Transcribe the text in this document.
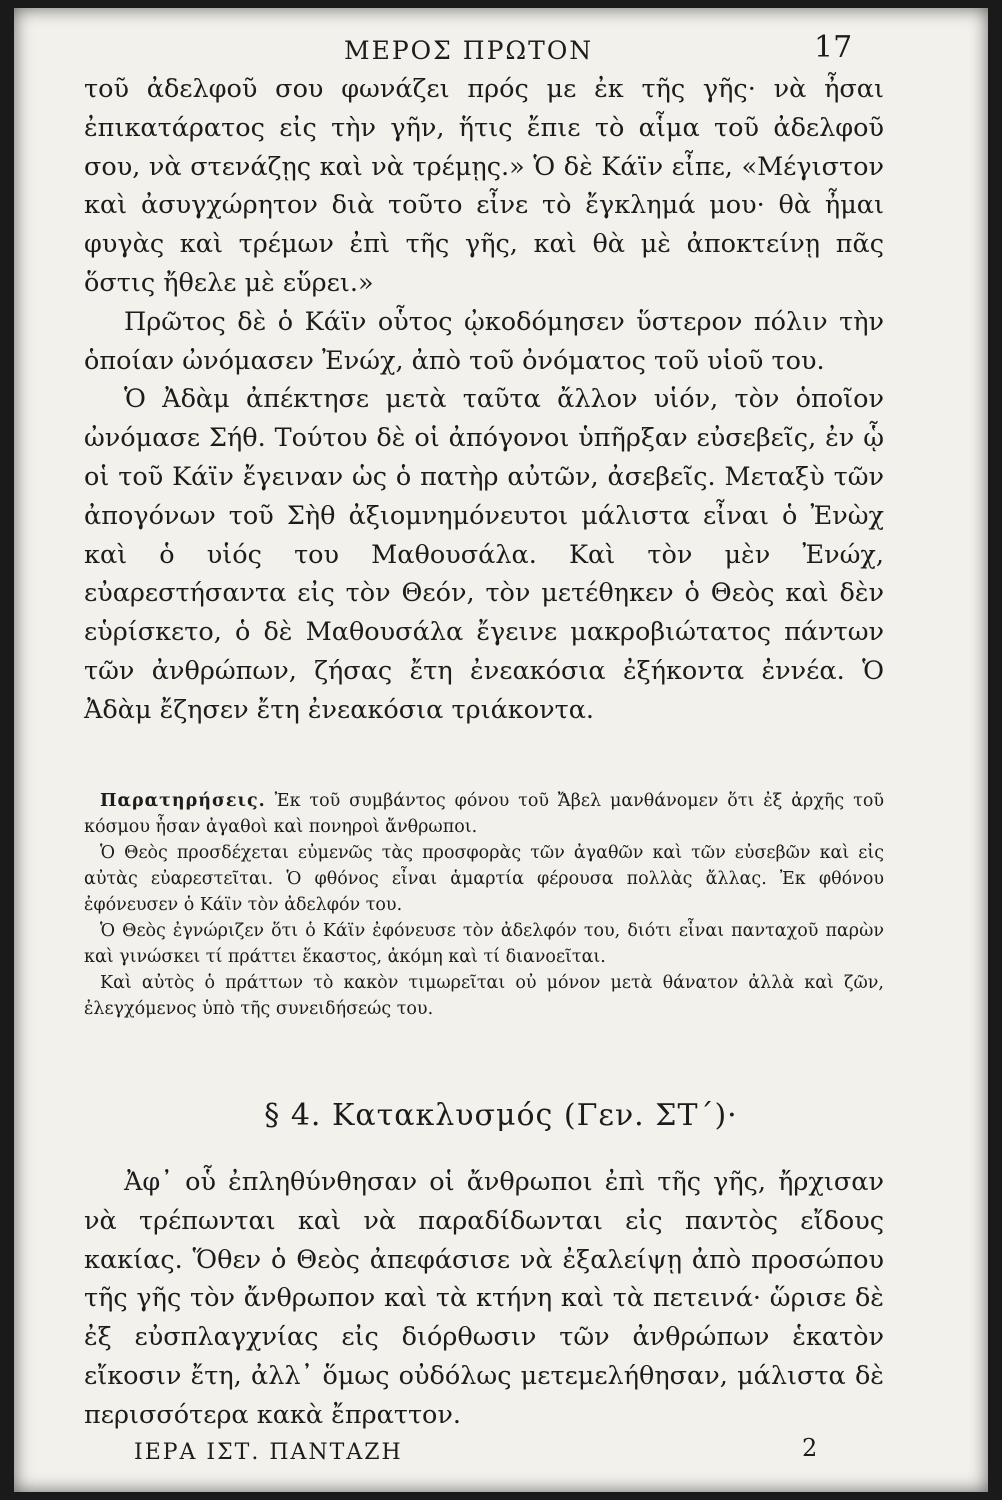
ΜΕΡΟΣ ΠΡΩΤΟΝ	17

τοῦ ἀδελφοῦ σου φωνάζει πρός με ἐκ τῆς γῆς· νὰ ἦσαι ἐπικατάρατος εἰς τὴν γῆν, ἥτις ἔπιε τὸ αἷμα τοῦ ἀδελφοῦ σου, νὰ στενάζῃς καὶ νὰ τρέμῃς.» Ὁ δὲ Κάϊν εἶπε, «Μέγιστον καὶ ἀσυγχώρητον διὰ τοῦτο εἶνε τὸ ἔγκλημά μου· θὰ ἦμαι φυγὰς καὶ τρέμων ἐπὶ τῆς γῆς, καὶ θὰ μὲ ἀποκτείνῃ πᾶς ὅστις ἤθελε μὲ εὕρει.»

Πρῶτος δὲ ὁ Κάϊν οὗτος ᾠκοδόμησεν ὕστερον πόλιν τὴν ὁποίαν ὠνόμασεν Ἐνώχ, ἀπὸ τοῦ ὀνόματος τοῦ υἱοῦ του.

Ὁ Ἀδὰμ ἀπέκτησε μετὰ ταῦτα ἄλλον υἱόν, τὸν ὁποῖον ὠνόμασε Σήθ. Τούτου δὲ οἱ ἀπόγονοι ὑπῆρξαν εὐσεβεῖς, ἐν ᾧ οἱ τοῦ Κάϊν ἔγειναν ὡς ὁ πατὴρ αὐτῶν, ἀσεβεῖς. Μεταξὺ τῶν ἀπογόνων τοῦ Σὴθ ἀξιομνημόνευτοι μάλιστα εἶναι ὁ Ἐνὼχ καὶ ὁ υἱός του Μαθουσάλα. Καὶ τὸν μὲν Ἐνώχ, εὐαρεστήσαντα εἰς τὸν Θεόν, τὸν μετέθηκεν ὁ Θεὸς καὶ δὲν εὑρίσκετο, ὁ δὲ Μαθουσάλα ἔγεινε μακροβιώτατος πάντων τῶν ἀνθρώπων, ζήσας ἔτη ἐνεακόσια ἐξήκοντα ἐννέα. Ὁ Ἀδὰμ ἔζησεν ἔτη ἐνεακόσια τριάκοντα.

Παρατηρήσεις. Ἐκ τοῦ συμβάντος φόνου τοῦ Ἄβελ μανθάνομεν ὅτι ἐξ ἀρχῆς τοῦ κόσμου ἦσαν ἀγαθοὶ καὶ πονηροὶ ἄνθρωποι.

Ὁ Θεὸς προσδέχεται εὐμενῶς τὰς προσφορὰς τῶν ἀγαθῶν καὶ τῶν εὐσεβῶν καὶ εἰς αὐτὰς εὐαρεστεῖται. Ὁ φθόνος εἶναι ἁμαρτία φέρουσα πολλὰς ἄλλας. Ἐκ φθόνου ἐφόνευσεν ὁ Κάϊν τὸν ἀδελφόν του.

Ὁ Θεὸς ἐγνώριζεν ὅτι ὁ Κάϊν ἐφόνευσε τὸν ἀδελφόν του, διότι εἶναι πανταχοῦ παρὼν καὶ γινώσκει τί πράττει ἕκαστος, ἀκόμη καὶ τί διανοεῖται.

Καὶ αὐτὸς ὁ πράττων τὸ κακὸν τιμωρεῖται οὐ μόνον μετὰ θάνατον ἀλλὰ καὶ ζῶν, ἐλεγχόμενος ὑπὸ τῆς συνειδήσεώς του.

§ 4. Κατακλυσμός (Γεν. ΣΤ΄)·

Ἀφ᾽ οὗ ἐπληθύνθησαν οἱ ἄνθρωποι ἐπὶ τῆς γῆς, ἤρχισαν νὰ τρέπωνται καὶ νὰ παραδίδωνται εἰς παντὸς εἴδους κακίας. Ὅθεν ὁ Θεὸς ἀπεφάσισε νὰ ἐξαλείψῃ ἀπὸ προσώπου τῆς γῆς τὸν ἄνθρωπον καὶ τὰ κτήνη καὶ τὰ πετεινά· ὥρισε δὲ ἐξ εὐσπλαγχνίας εἰς διόρθωσιν τῶν ἀνθρώπων ἑκατὸν εἴκοσιν ἔτη, ἀλλ᾽ ὅμως οὐδόλως μετεμελήθησαν, μάλιστα δὲ περισσότερα κακὰ ἔπραττον.

ΙΕΡΑ ΙΣΤ. ΠΑΝΤΑΖΗ	2
